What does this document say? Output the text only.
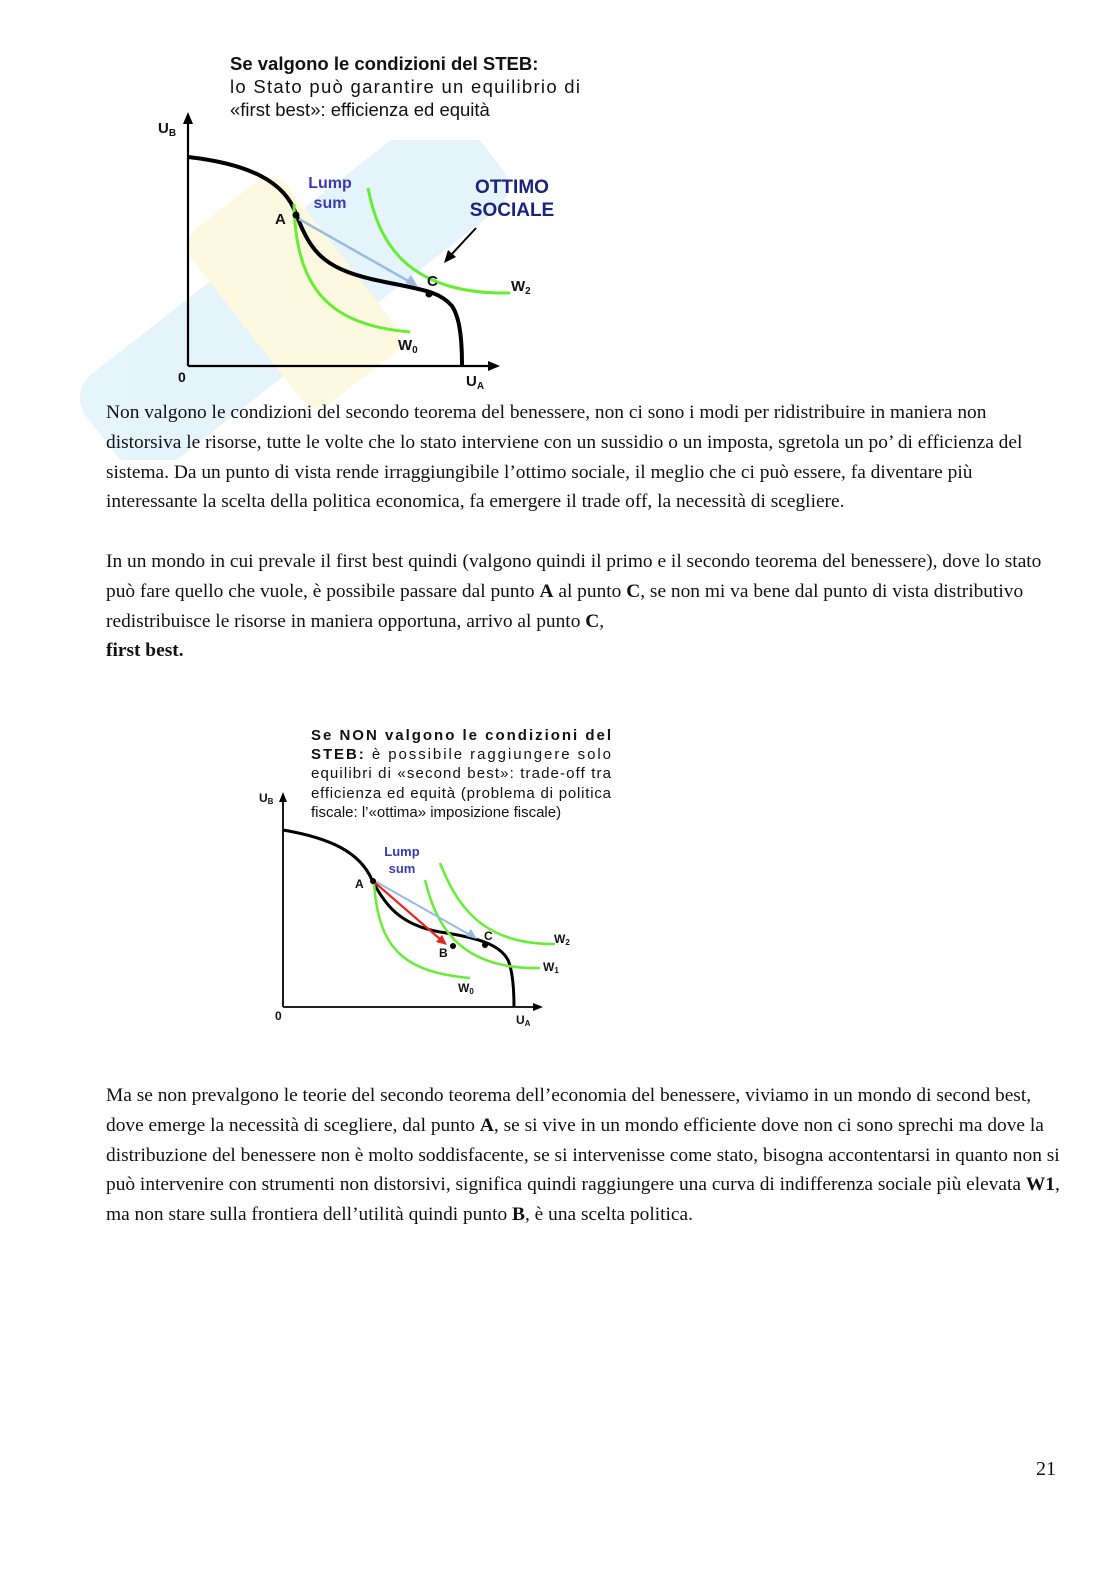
Se valgono le condizioni del STEB:
lo Stato può garantire un equilibrio di
«first best»: efficienza ed equità
$U_B$
$U_A$
0
Lump
sum
A
C
$W_0$
$W_2$
OTTIMO
SOCIALE

Non valgono le condizioni del secondo teorema del benessere, non ci sono i modi per ridistribuire in maniera non distorsiva le risorse, tutte le volte che lo stato interviene con un sussidio o un imposta, sgretola un po’ di efficienza del sistema. Da un punto di vista rende irraggiungibile l’ottimo sociale, il meglio che ci può essere, fa diventare più interessante la scelta della politica economica, fa emergere il trade off, la necessità di scegliere.

In un mondo in cui prevale il first best quindi (valgono quindi il primo e il secondo teorema del benessere), dove lo stato può fare quello che vuole, è possibile passare dal punto A al punto C, se non mi va bene dal punto di vista distributivo redistribuisce le risorse in maniera opportuna, arrivo al punto C,
first best.

Se NON valgono le condizioni del
STEB: è possibile raggiungere solo
equilibri di «second best»: trade-off tra
efficienza ed equità (problema di politica
fiscale: l’«ottima» imposizione fiscale)
UB
UA
0
Lump
sum
A
B
C
W0
W1
W2

Ma se non prevalgono le teorie del secondo teorema dell’economia del benessere, viviamo in un mondo di second best, dove emerge la necessità di scegliere, dal punto A, se si vive in un mondo efficiente dove non ci sono sprechi ma dove la distribuzione del benessere non è molto soddisfacente, se si intervenisse come stato, bisogna accontentarsi in quanto non si può intervenire con strumenti non distorsivi, significa quindi raggiungere una curva di indifferenza sociale più elevata W1, ma non stare sulla frontiera dell’utilità quindi punto B, è una scelta politica.

21
